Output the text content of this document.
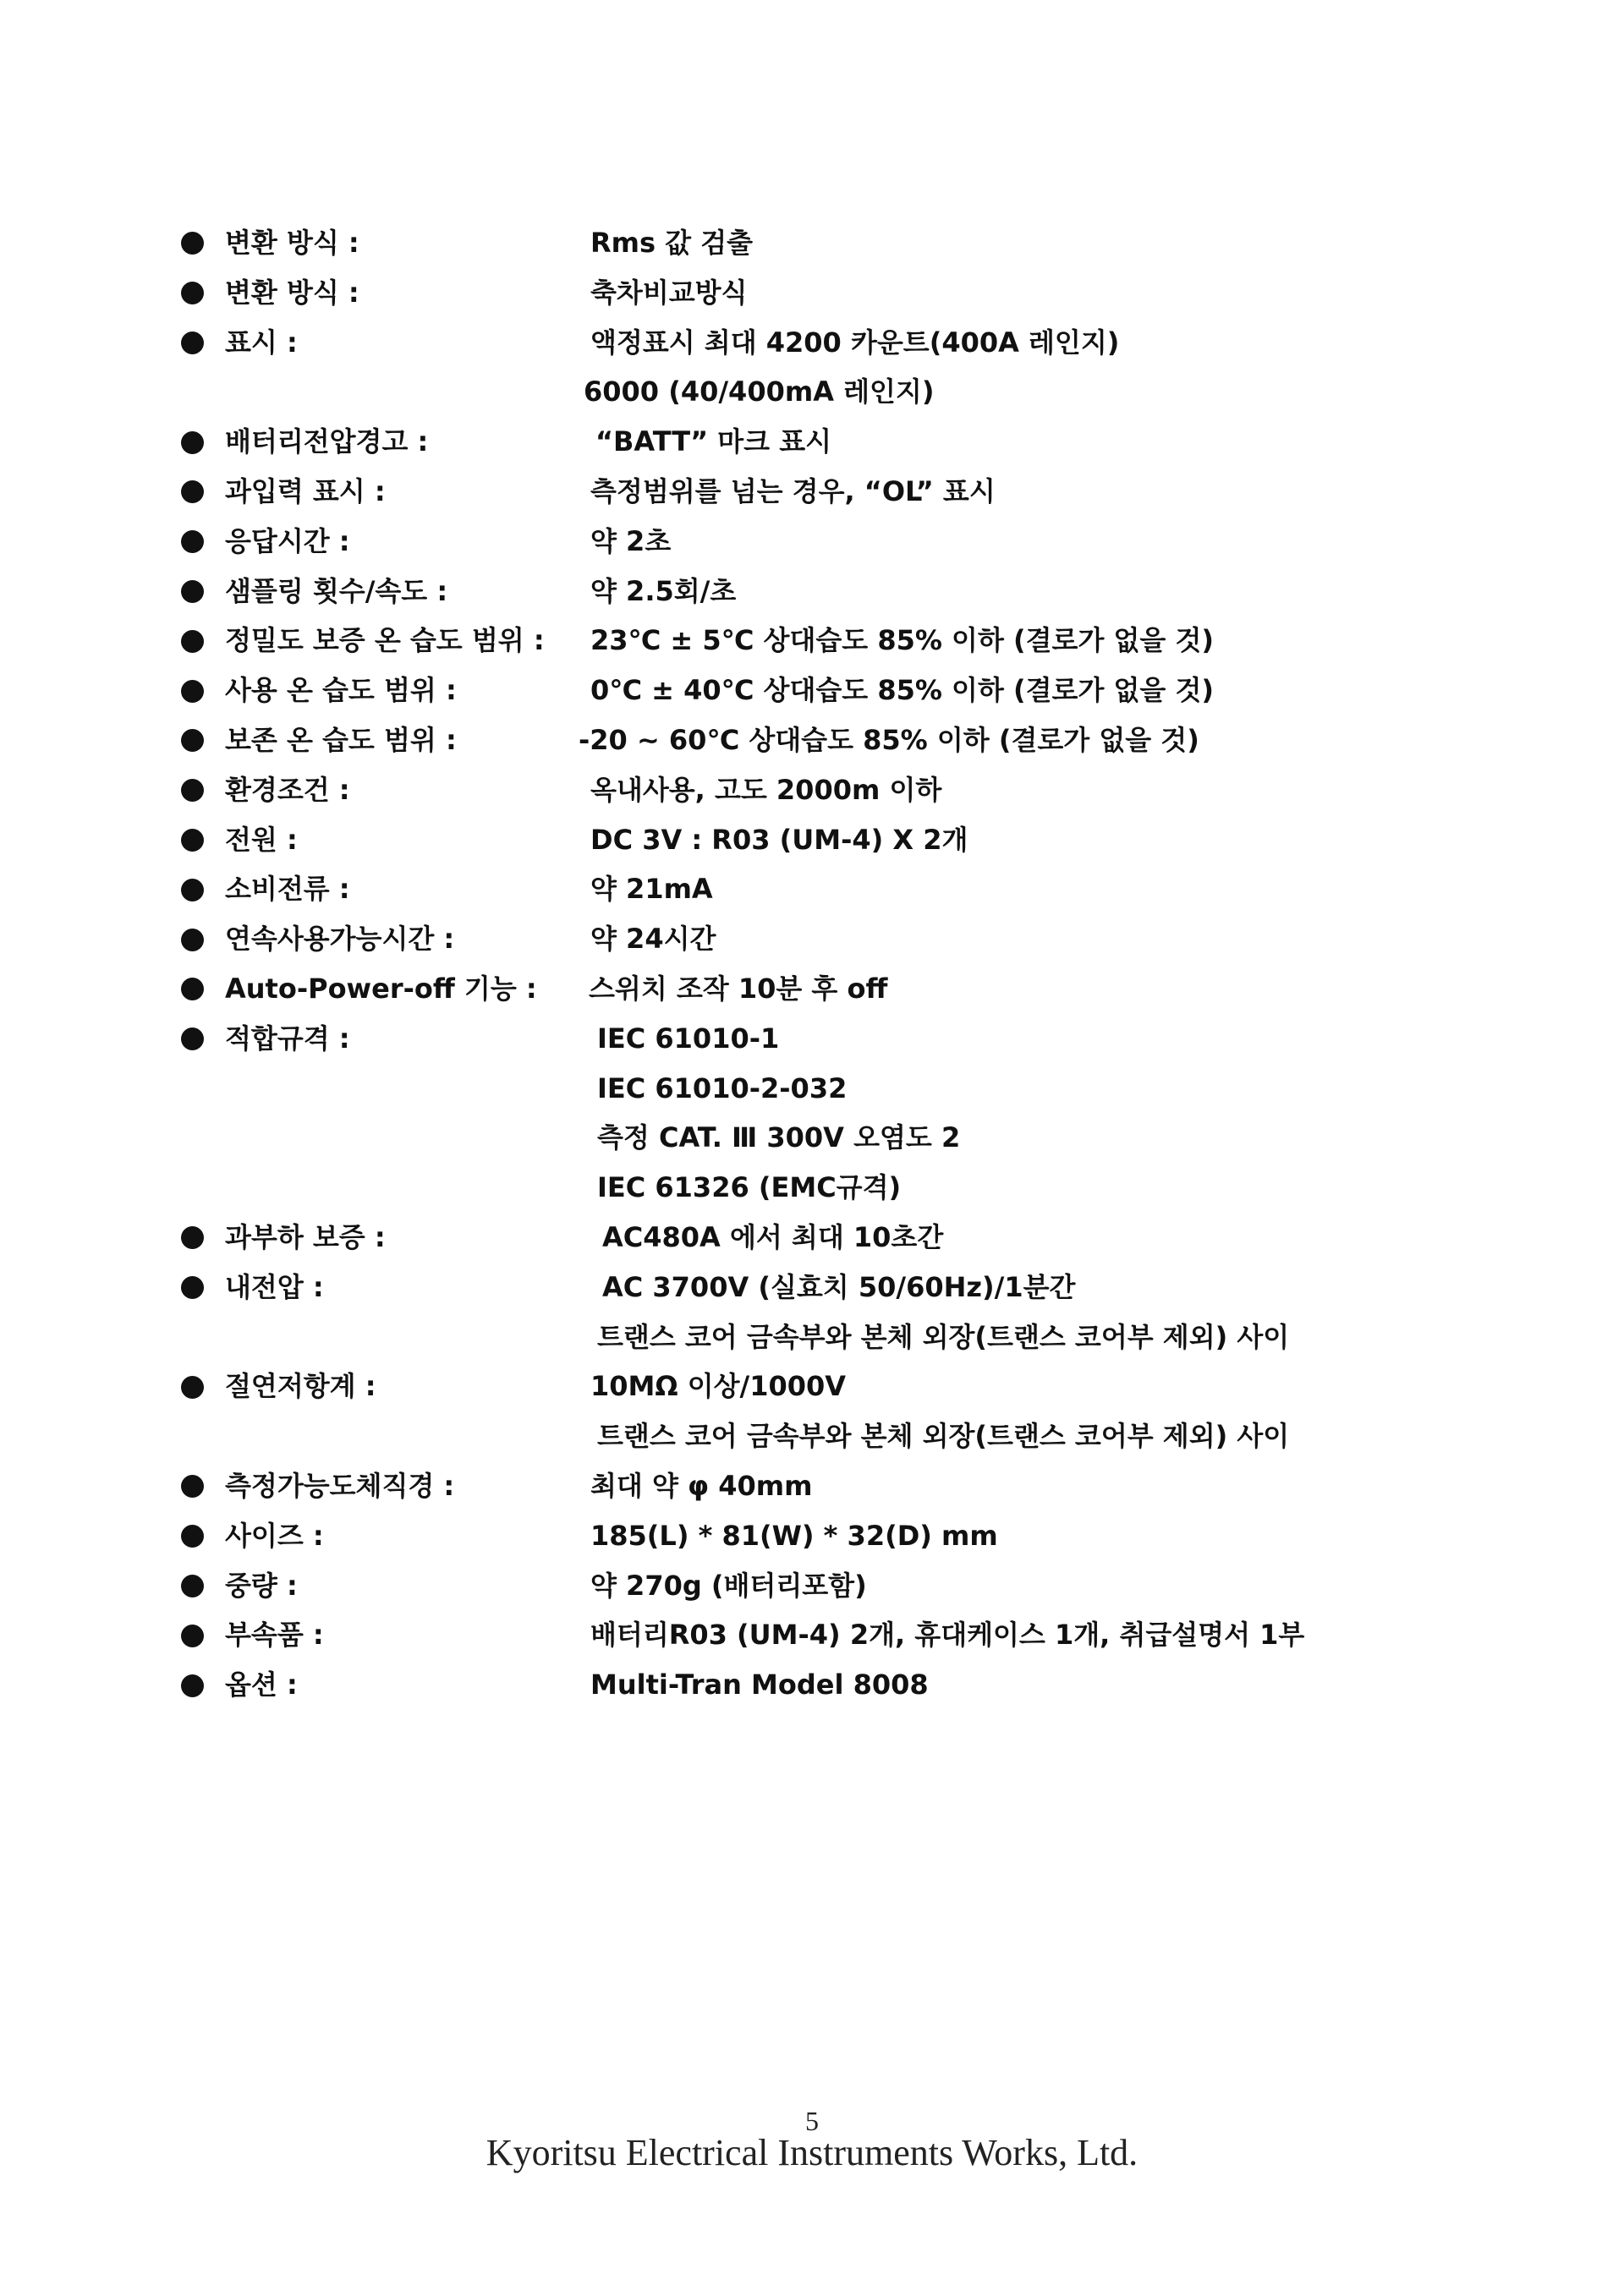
변환 방식 :	Rms 값 검출
변환 방식 :	축차비교방식
표시 :	액정표시 최대 4200 카운트(400A 레인지)
6000 (40/400mA 레인지)
배터리전압경고 :	“BATT” 마크 표시
과입력 표시 :	측정범위를 넘는 경우, “OL” 표시
응답시간 :	약 2초
샘플링 횟수/속도 :	약 2.5회/초
정밀도 보증 온 습도 범위 : 23℃ ± 5℃ 상대습도 85% 이하 (결로가 없을 것)
사용 온 습도 범위 :	0℃ ± 40℃ 상대습도 85% 이하 (결로가 없을 것)
보존 온 습도 범위 :	-20 ~ 60℃ 상대습도 85% 이하 (결로가 없을 것)
환경조건 :	옥내사용, 고도 2000m 이하
전원 :	DC 3V : R03 (UM-4) X 2개
소비전류 :	약 21mA
연속사용가능시간 :	약 24시간
Auto-Power-off 기능 : 스위치 조작 10분 후 off
적합규격 :	IEC 61010-1
IEC 61010-2-032
측정 CAT. Ⅲ 300V 오염도 2
IEC 61326 (EMC규격)
과부하 보증 :	AC480A 에서 최대 10초간
내전압 :	AC 3700V (실효치 50/60Hz)/1분간
트랜스 코어 금속부와 본체 외장(트랜스 코어부 제외) 사이
절연저항계 :	10MΩ 이상/1000V
트랜스 코어 금속부와 본체 외장(트랜스 코어부 제외) 사이
측정가능도체직경 :	최대 약 φ 40mm
사이즈 :	185(L) * 81(W) * 32(D) mm
중량 :	약 270g (배터리포함)
부속품 :	배터리R03 (UM-4) 2개, 휴대케이스 1개, 취급설명서 1부
옵션 :	Multi-Tran Model 8008
5
Kyoritsu Electrical Instruments Works, Ltd.
